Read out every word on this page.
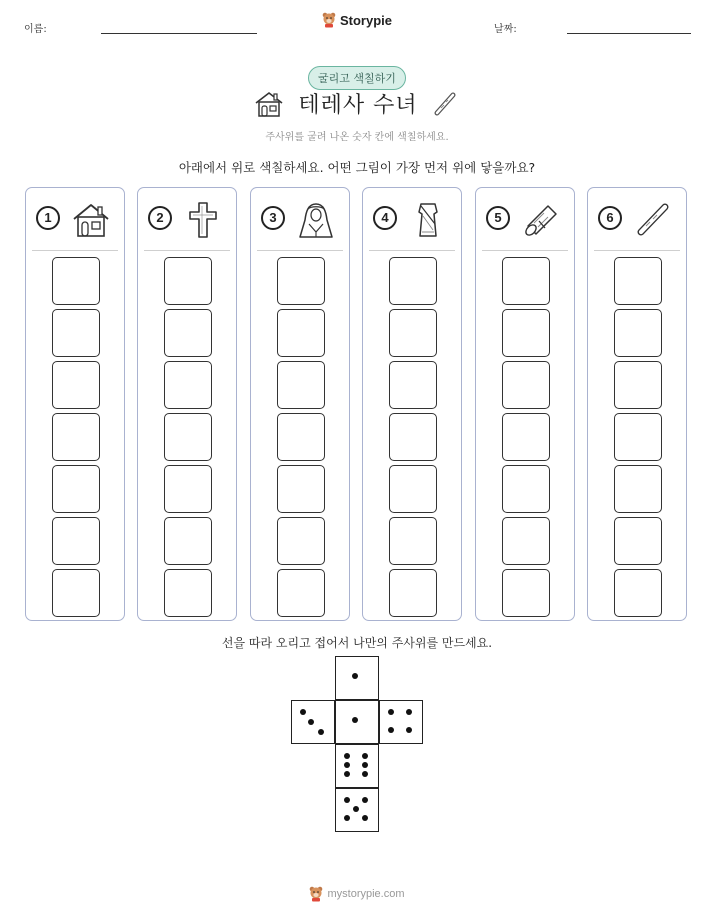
이름:
Storypie
날짜:
굴리고 색칠하기
테레사 수녀
주사위를 굴려 나온 숫자 칸에 색칠하세요.
아래에서 위로 색칠하세요. 어떤 그림이 가장 먼저 위에 닿을까요?
1	2	3	4	5	6
선을 따라 오리고 접어서 나만의 주사위를 만드세요.
mystorypie.com
